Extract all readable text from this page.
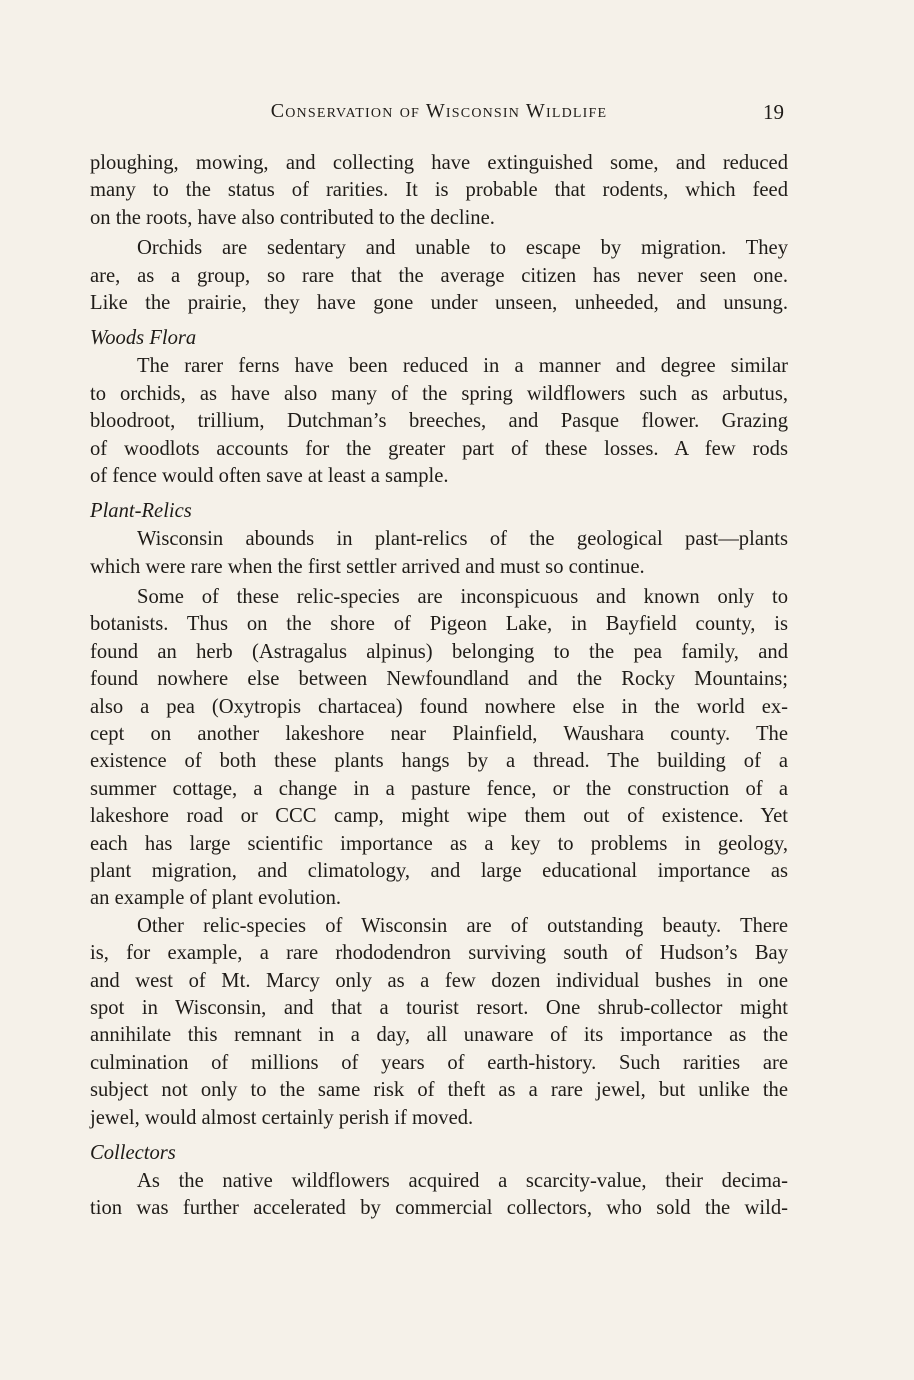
Conservation of Wisconsin Wildlife	19
ploughing, mowing, and collecting have extinguished some, and reduced
many to the status of rarities. It is probable that rodents, which feed
on the roots, have also contributed to the decline.
Orchids are sedentary and unable to escape by migration. They
are, as a group, so rare that the average citizen has never seen one.
Like the prairie, they have gone under unseen, unheeded, and unsung.
Woods Flora
The rarer ferns have been reduced in a manner and degree similar
to orchids, as have also many of the spring wildflowers such as arbutus,
bloodroot, trillium, Dutchman’s breeches, and Pasque flower. Grazing
of woodlots accounts for the greater part of these losses. A few rods
of fence would often save at least a sample.
Plant-Relics
Wisconsin abounds in plant-relics of the geological past—plants
which were rare when the first settler arrived and must so continue.
Some of these relic-species are inconspicuous and known only to
botanists. Thus on the shore of Pigeon Lake, in Bayfield county, is
found an herb (Astragalus alpinus) belonging to the pea family, and
found nowhere else between Newfoundland and the Rocky Mountains;
also a pea (Oxytropis chartacea) found nowhere else in the world ex-
cept on another lakeshore near Plainfield, Waushara county. The
existence of both these plants hangs by a thread. The building of a
summer cottage, a change in a pasture fence, or the construction of a
lakeshore road or CCC camp, might wipe them out of existence. Yet
each has large scientific importance as a key to problems in geology,
plant migration, and climatology, and large educational importance as
an example of plant evolution.
Other relic-species of Wisconsin are of outstanding beauty. There
is, for example, a rare rhododendron surviving south of Hudson’s Bay
and west of Mt. Marcy only as a few dozen individual bushes in one
spot in Wisconsin, and that a tourist resort. One shrub-collector might
annihilate this remnant in a day, all unaware of its importance as the
culmination of millions of years of earth-history. Such rarities are
subject not only to the same risk of theft as a rare jewel, but unlike the
jewel, would almost certainly perish if moved.
Collectors
As the native wildflowers acquired a scarcity-value, their decima-
tion was further accelerated by commercial collectors, who sold the wild-
